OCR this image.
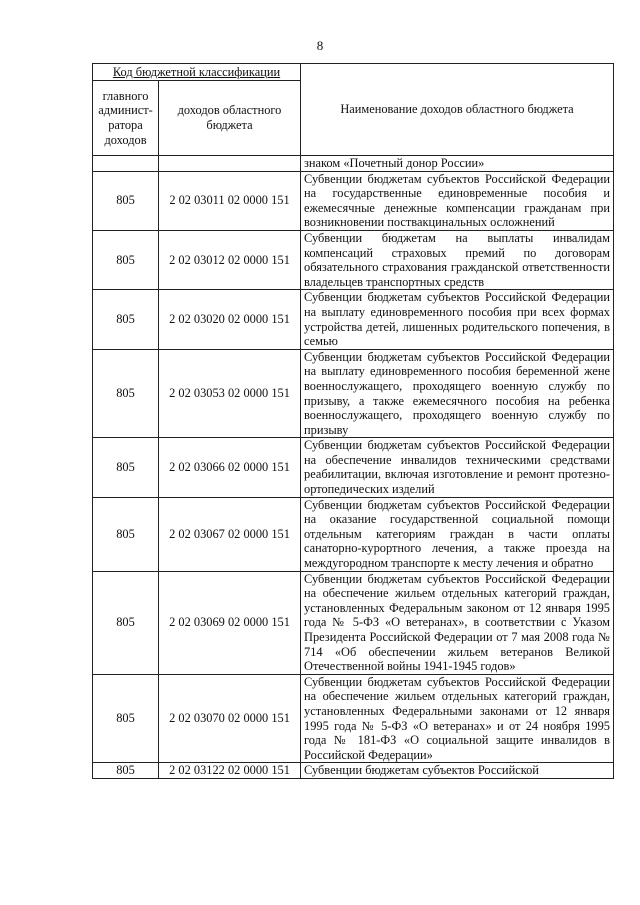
8
Код бюджетной классификации		Наименование доходов областного бюджета
главного админист-ратора доходов	доходов областного бюджета	
		знаком «Почетный донор России»
805	2 02 03011 02 0000 151	Субвенции бюджетам субъектов Российской Федерации на государственные единовременные пособия и ежемесячные денежные компенсации гражданам при возникновении поствакцинальных осложнений
805	2 02 03012 02 0000 151	Субвенции бюджетам на выплаты инвалидам компенсаций страховых премий по договорам обязательного страхования гражданской ответственности владельцев транспортных средств
805	2 02 03020 02 0000 151	Субвенции бюджетам субъектов Российской Федерации на выплату единовременного пособия при всех формах устройства детей, лишенных родительского попечения, в семью
805	2 02 03053 02 0000 151	Субвенции бюджетам субъектов Российской Федерации на выплату единовременного пособия беременной жене военнослужащего, проходящего военную службу по призыву, а также ежемесячного пособия на ребенка военнослужащего, проходящего военную службу по призыву
805	2 02 03066 02 0000 151	Субвенции бюджетам субъектов Российской Федерации на обеспечение инвалидов техническими средствами реабилитации, включая изготовление и ремонт протезно-ортопедических изделий
805	2 02 03067 02 0000 151	Субвенции бюджетам субъектов Российской Федерации на оказание государственной социальной помощи отдельным категориям граждан в части оплаты санаторно-курортного лечения, а также проезда на междугородном транспорте к месту лечения и обратно
805	2 02 03069 02 0000 151	Субвенции бюджетам субъектов Российской Федерации на обеспечение жильем отдельных категорий граждан, установленных Федеральным законом от 12 января 1995 года № 5-ФЗ «О ветеранах», в соответствии с Указом Президента Российской Федерации от 7 мая 2008 года № 714 «Об обеспечении жильем ветеранов Великой Отечественной войны 1941-1945 годов»
805	2 02 03070 02 0000 151	Субвенции бюджетам субъектов Российской Федерации на обеспечение жильем отдельных категорий граждан, установленных Федеральными законами от 12 января 1995 года № 5-ФЗ «О ветеранах» и от 24 ноября 1995 года № 181-ФЗ «О социальной защите инвалидов в Российской Федерации»
805	2 02 03122 02 0000 151	Субвенции бюджетам субъектов Российской
